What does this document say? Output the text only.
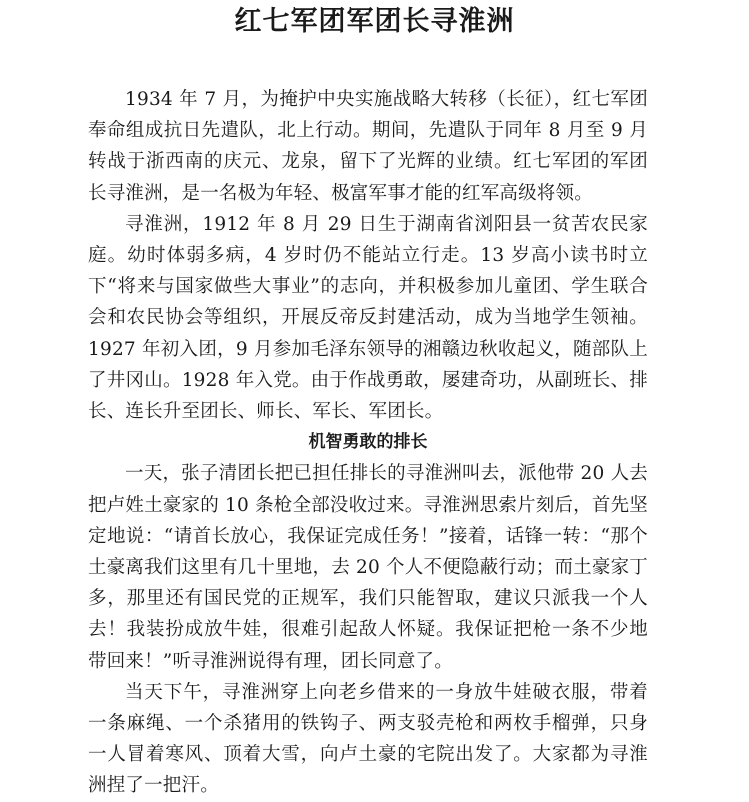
红七军团军团长寻淮洲

1934 年 7 月，为掩护中央实施战略大转移（长征），红七军团奉命组成抗日先遣队，北上行动。期间，先遣队于同年 8 月至 9 月转战于浙西南的庆元、龙泉，留下了光辉的业绩。红七军团的军团长寻淮洲，是一名极为年轻、极富军事才能的红军高级将领。

寻淮洲，1912 年 8 月 29 日生于湖南省浏阳县一贫苦农民家庭。幼时体弱多病，4 岁时仍不能站立行走。13 岁高小读书时立下“将来与国家做些大事业”的志向，并积极参加儿童团、学生联合会和农民协会等组织，开展反帝反封建活动，成为当地学生领袖。1927 年初入团，9 月参加毛泽东领导的湘赣边秋收起义，随部队上了井冈山。1928 年入党。由于作战勇敢，屡建奇功，从副班长、排长、连长升至团长、师长、军长、军团长。

机智勇敢的排长

一天，张子清团长把已担任排长的寻淮洲叫去，派他带 20 人去把卢姓土豪家的 10 条枪全部没收过来。寻淮洲思索片刻后，首先坚定地说：“请首长放心，我保证完成任务！”接着，话锋一转：“那个土豪离我们这里有几十里地，去 20 个人不便隐蔽行动；而土豪家丁多，那里还有国民党的正规军，我们只能智取，建议只派我一个人去！我装扮成放牛娃，很难引起敌人怀疑。我保证把枪一条不少地带回来！”听寻淮洲说得有理，团长同意了。

当天下午，寻淮洲穿上向老乡借来的一身放牛娃破衣服，带着一条麻绳、一个杀猪用的铁钩子、两支驳壳枪和两枚手榴弹，只身一人冒着寒风、顶着大雪，向卢土豪的宅院出发了。大家都为寻淮洲捏了一把汗。
